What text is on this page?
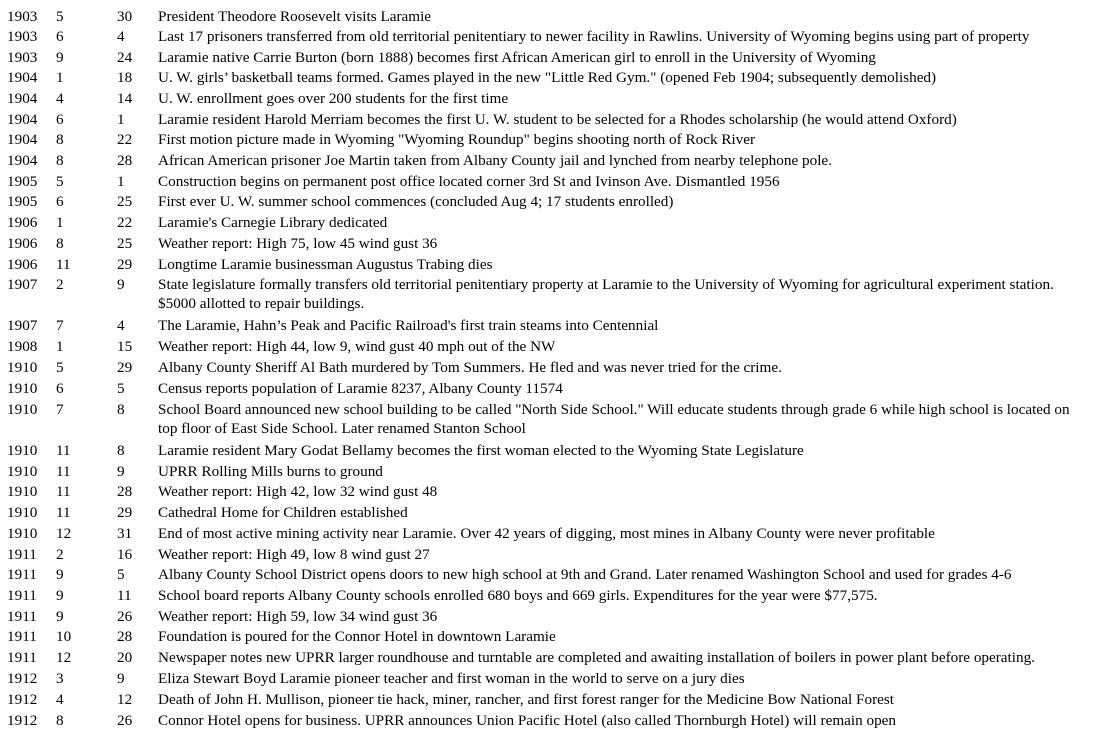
1903 5	30 President Theodore Roosevelt visits Laramie
1903 6	4 Last 17 prisoners transferred from old territorial penitentiary to newer facility in Rawlins. University of Wyoming begins using part of property
1903 9	24 Laramie native Carrie Burton (born 1888) becomes first African American girl to enroll in the University of Wyoming
1904 1	18 U. W. girls’ basketball teams formed. Games played in the new "Little Red Gym." (opened Feb 1904; subsequently demolished)
1904 4	14 U. W. enrollment goes over 200 students for the first time
1904 6	1 Laramie resident Harold Merriam becomes the first U. W. student to be selected for a Rhodes scholarship (he would attend Oxford)
1904 8	22 First motion picture made in Wyoming "Wyoming Roundup" begins shooting north of Rock River
1904 8	28 African American prisoner Joe Martin taken from Albany County jail and lynched from nearby telephone pole.
1905 5	1 Construction begins on permanent post office located corner 3rd St and Ivinson Ave. Dismantled 1956
1905 6	25 First ever U. W. summer school commences (concluded Aug 4; 17 students enrolled)
1906 1	22 Laramie's Carnegie Library dedicated
1906 8	25 Weather report: High 75, low 45 wind gust 36
1906 11	29 Longtime Laramie businessman Augustus Trabing dies
1907 2	9 State legislature formally transfers old territorial penitentiary property at Laramie to the University of Wyoming for agricultural experiment station. $5000 allotted to repair buildings.
1907 7	4 The Laramie, Hahn’s Peak and Pacific Railroad's first train steams into Centennial
1908 1	15 Weather report: High 44, low 9, wind gust 40 mph out of the NW
1910 5	29 Albany County Sheriff Al Bath murdered by Tom Summers. He fled and was never tried for the crime.
1910 6	5 Census reports population of Laramie 8237, Albany County 11574
1910 7	8 School Board announced new school building to be called "North Side School." Will educate students through grade 6 while high school is located on top floor of East Side School. Later renamed Stanton School
1910 11	8 Laramie resident Mary Godat Bellamy becomes the first woman elected to the Wyoming State Legislature
1910 11	9 UPRR Rolling Mills burns to ground
1910 11	28 Weather report: High 42, low 32 wind gust 48
1910 11	29 Cathedral Home for Children established
1910 12	31 End of most active mining activity near Laramie. Over 42 years of digging, most mines in Albany County were never profitable
1911 2	16 Weather report: High 49, low 8 wind gust 27
1911 9	5 Albany County School District opens doors to new high school at 9th and Grand. Later renamed Washington School and used for grades 4-6
1911 9	11 School board reports Albany County schools enrolled 680 boys and 669 girls. Expenditures for the year were $77,575.
1911 9	26 Weather report: High 59, low 34 wind gust 36
1911 10	28 Foundation is poured for the Connor Hotel in downtown Laramie
1911 12	20 Newspaper notes new UPRR larger roundhouse and turntable are completed and awaiting installation of boilers in power plant before operating.
1912 3	9 Eliza Stewart Boyd Laramie pioneer teacher and first woman in the world to serve on a jury dies
1912 4	12 Death of John H. Mullison, pioneer tie hack, miner, rancher, and first forest ranger for the Medicine Bow National Forest
1912 8	26 Connor Hotel opens for business. UPRR announces Union Pacific Hotel (also called Thornburgh Hotel) will remain open
